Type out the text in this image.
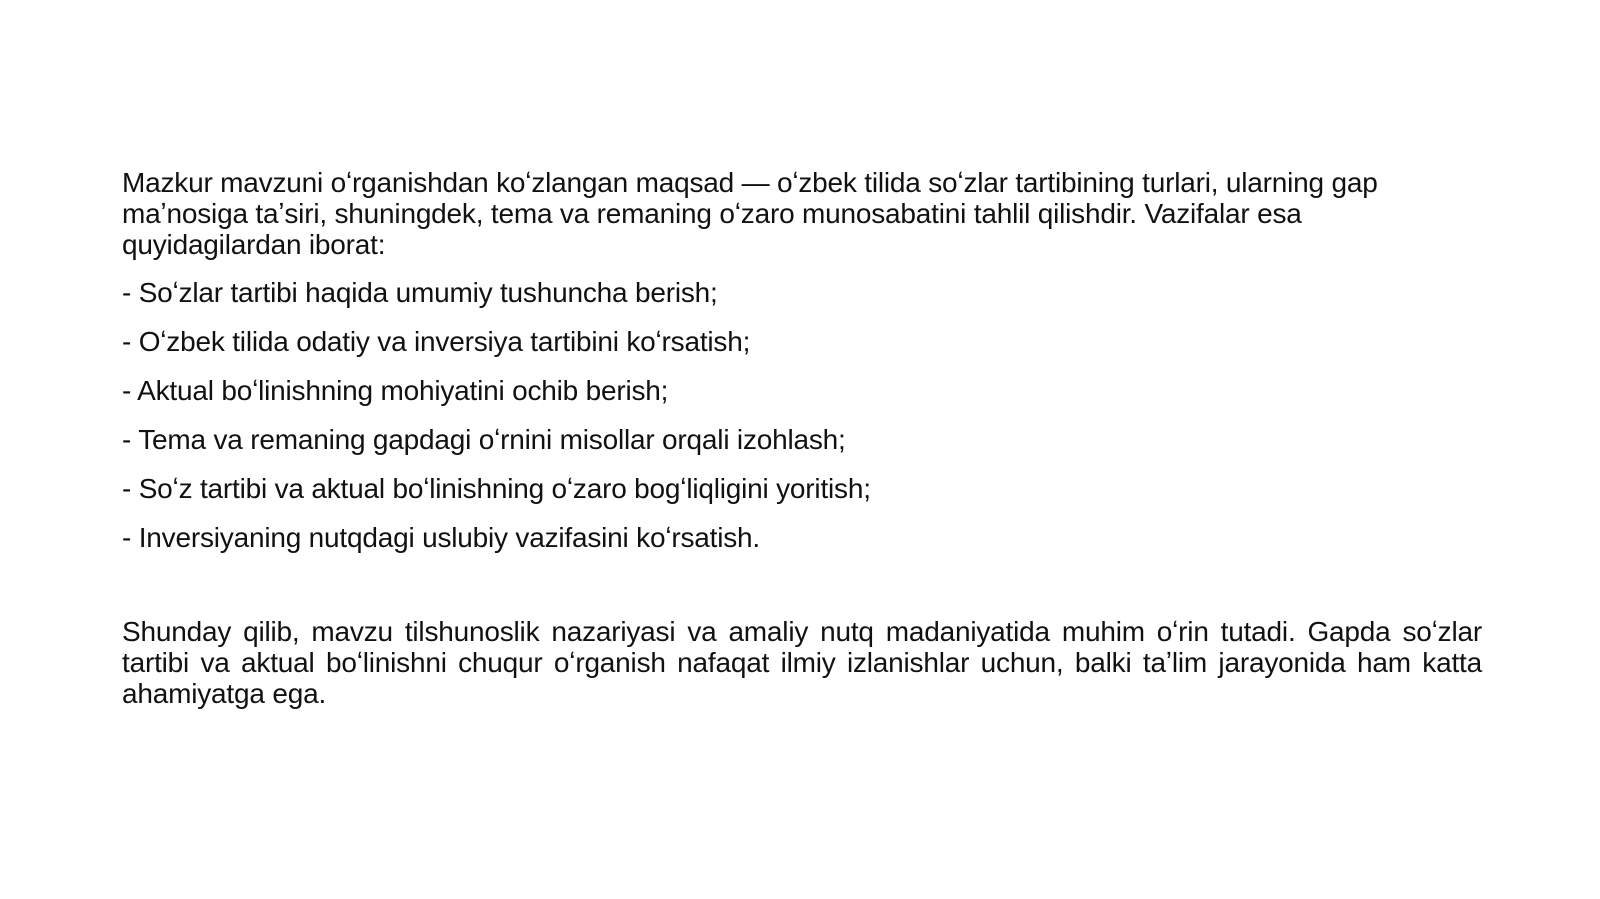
Mazkur mavzuni oʻrganishdan koʻzlangan maqsad — oʻzbek tilida soʻzlar tartibining turlari, ularning gap maʼnosiga taʼsiri, shuningdek, tema va remaning oʻzaro munosabatini tahlil qilishdir. Vazifalar esa quyidagilardan iborat:

- Soʻzlar tartibi haqida umumiy tushuncha berish;
- Oʻzbek tilida odatiy va inversiya tartibini koʻrsatish;
- Aktual boʻlinishning mohiyatini ochib berish;
- Tema va remaning gapdagi oʻrnini misollar orqali izohlash;
- Soʻz tartibi va aktual boʻlinishning oʻzaro bogʻliqligini yoritish;
- Inversiyaning nutqdagi uslubiy vazifasini koʻrsatish.

Shunday qilib, mavzu tilshunoslik nazariyasi va amaliy nutq madaniyatida muhim oʻrin tutadi. Gapda soʻzlar tartibi va aktual boʻlinishni chuqur oʻrganish nafaqat ilmiy izlanishlar uchun, balki taʼlim jarayonida ham katta ahamiyatga ega.
